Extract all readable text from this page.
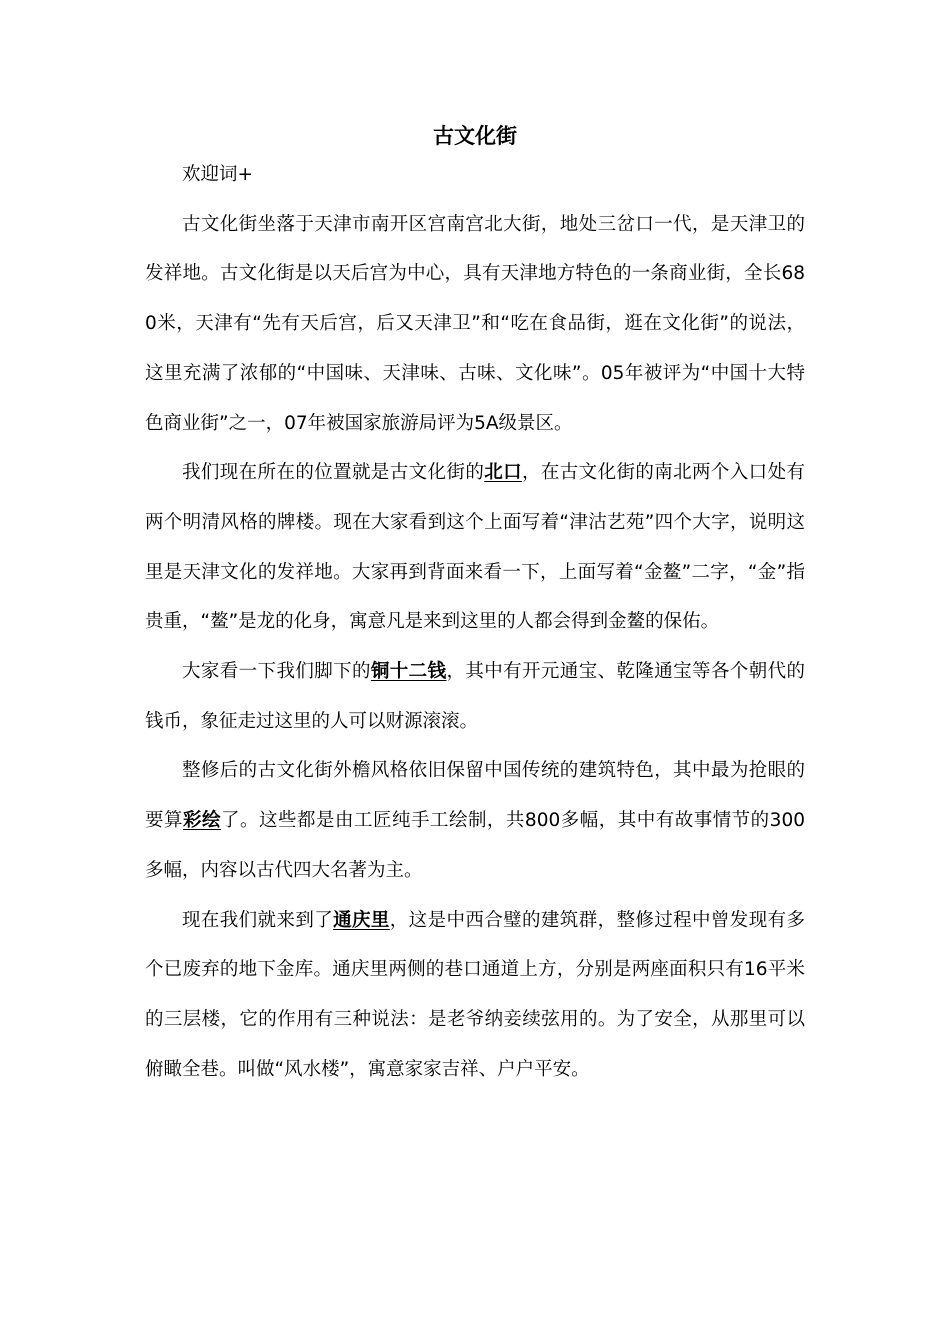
古文化街

欢迎词+

古文化街坐落于天津市南开区宫南宫北大街，地处三岔口一代，是天津卫的发祥地。古文化街是以天后宫为中心，具有天津地方特色的一条商业街，全长680米，天津有“先有天后宫，后又天津卫”和“吃在食品街，逛在文化街”的说法，这里充满了浓郁的“中国味、天津味、古味、文化味”。05年被评为“中国十大特色商业街”之一，07年被国家旅游局评为5A级景区。

我们现在所在的位置就是古文化街的北口，在古文化街的南北两个入口处有两个明清风格的牌楼。现在大家看到这个上面写着“津沽艺苑”四个大字，说明这里是天津文化的发祥地。大家再到背面来看一下，上面写着“金鳌”二字，“金”指贵重，“鳌”是龙的化身，寓意凡是来到这里的人都会得到金鳌的保佑。

大家看一下我们脚下的铜十二钱，其中有开元通宝、乾隆通宝等各个朝代的钱币，象征走过这里的人可以财源滚滚。

整修后的古文化街外檐风格依旧保留中国传统的建筑特色，其中最为抢眼的要算彩绘了。这些都是由工匠纯手工绘制，共800多幅，其中有故事情节的300多幅，内容以古代四大名著为主。

现在我们就来到了通庆里，这是中西合璧的建筑群，整修过程中曾发现有多个已废弃的地下金库。通庆里两侧的巷口通道上方，分别是两座面积只有16平米的三层楼，它的作用有三种说法：是老爷纳妾续弦用的。为了安全，从那里可以俯瞰全巷。叫做“风水楼”，寓意家家吉祥、户户平安。
